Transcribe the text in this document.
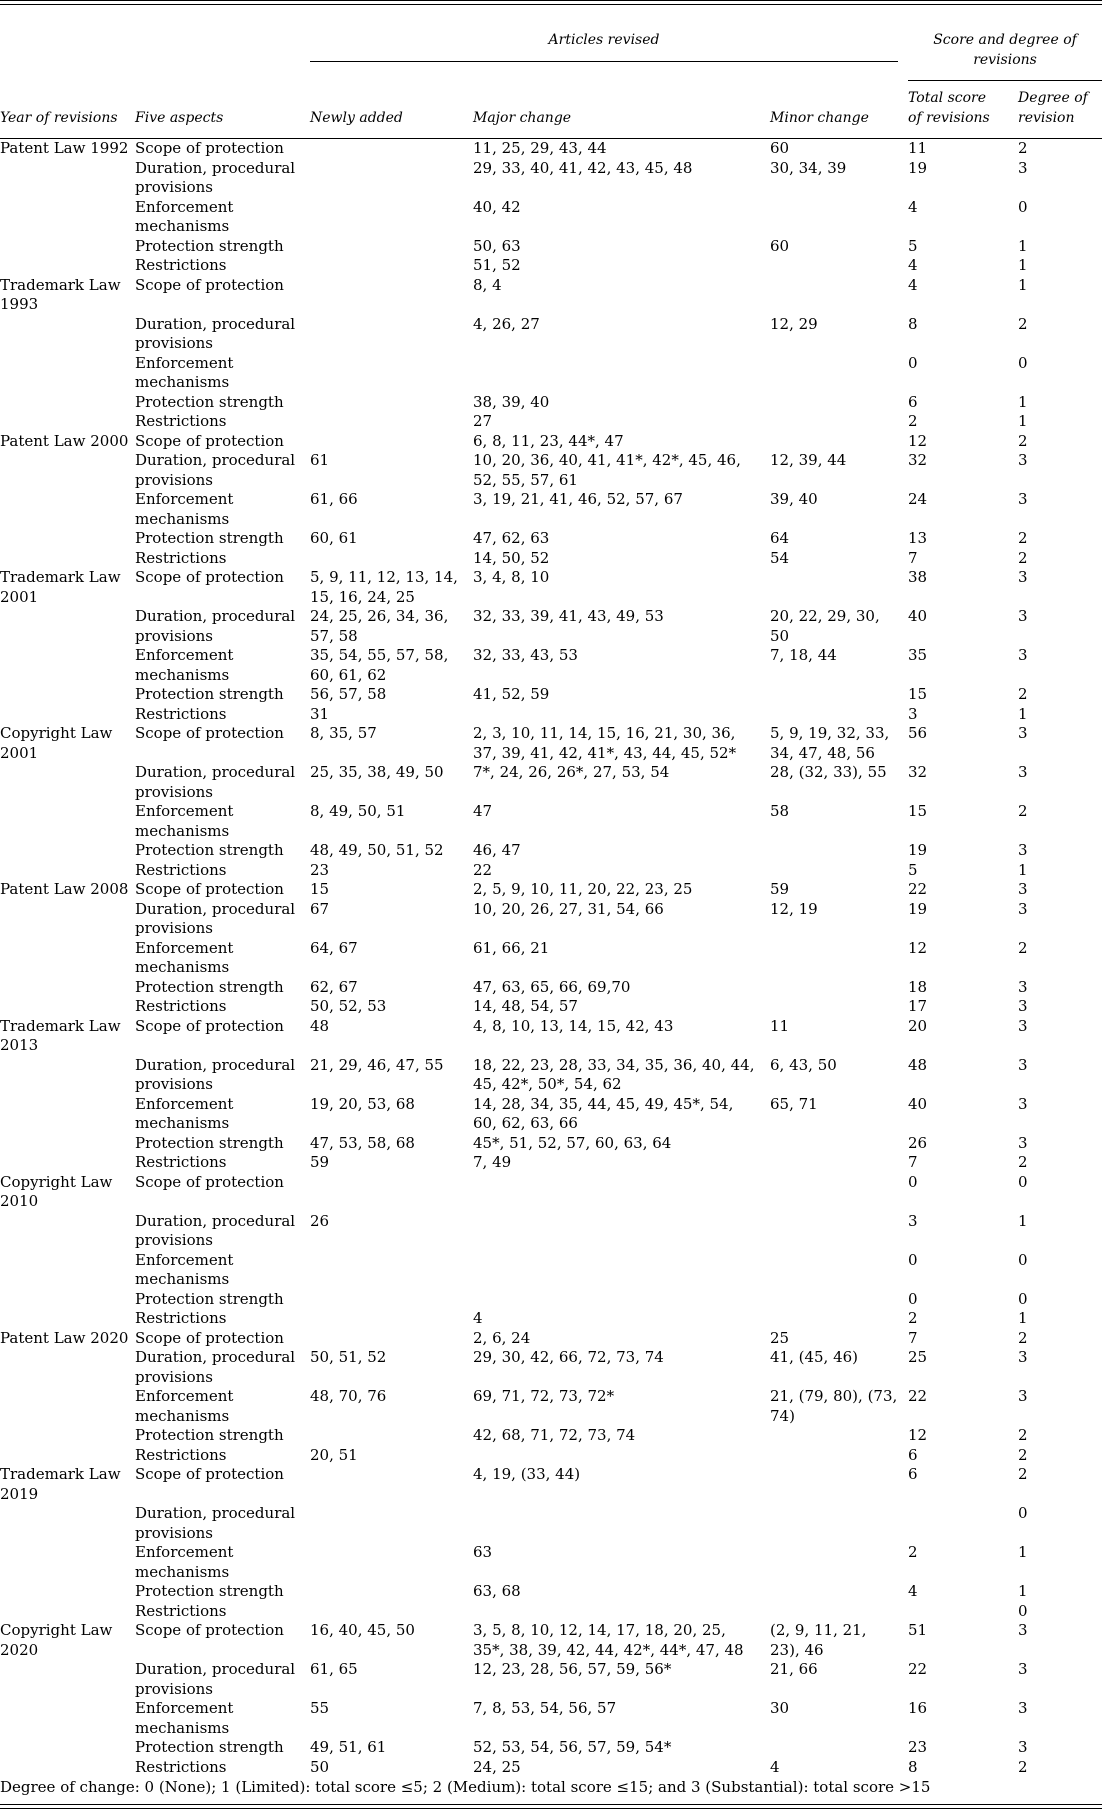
		Articles revised			Score and degree of revisions	

Year of revisions	Five aspects	Newly added	Major change	Minor change	Total score of revisions	Degree of revision
Patent Law 1992	Scope of protection		11, 25, 29, 43, 44	60	11	2
	Duration, procedural provisions		29, 33, 40, 41, 42, 43, 45, 48	30, 34, 39	19	3
	Enforcement mechanisms		40, 42		4	0
	Protection strength		50, 63	60	5	1
	Restrictions		51, 52		4	1
Trademark Law 1993	Scope of protection		8, 4		4	1
	Duration, procedural provisions		4, 26, 27	12, 29	8	2
	Enforcement mechanisms				0	0
	Protection strength		38, 39, 40		6	1
	Restrictions		27		2	1
Patent Law 2000	Scope of protection		6, 8, 11, 23, 44*, 47		12	2
	Duration, procedural provisions	61	10, 20, 36, 40, 41, 41*, 42*, 45, 46, 52, 55, 57, 61	12, 39, 44	32	3
	Enforcement mechanisms	61, 66	3, 19, 21, 41, 46, 52, 57, 67	39, 40	24	3
	Protection strength	60, 61	47, 62, 63	64	13	2
	Restrictions		14, 50, 52	54	7	2
Trademark Law 2001	Scope of protection	5, 9, 11, 12, 13, 14, 15, 16, 24, 25	3, 4, 8, 10		38	3
	Duration, procedural provisions	24, 25, 26, 34, 36, 57, 58	32, 33, 39, 41, 43, 49, 53	20, 22, 29, 30, 50	40	3
	Enforcement mechanisms	35, 54, 55, 57, 58, 60, 61, 62	32, 33, 43, 53	7, 18, 44	35	3
	Protection strength	56, 57, 58	41, 52, 59		15	2
	Restrictions	31			3	1
Copyright Law 2001	Scope of protection	8, 35, 57	2, 3, 10, 11, 14, 15, 16, 21, 30, 36, 37, 39, 41, 42, 41*, 43, 44, 45, 52*	5, 9, 19, 32, 33, 34, 47, 48, 56	56	3
	Duration, procedural provisions	25, 35, 38, 49, 50	7*, 24, 26, 26*, 27, 53, 54	28, (32, 33), 55	32	3
	Enforcement mechanisms	8, 49, 50, 51	47	58	15	2
	Protection strength	48, 49, 50, 51, 52	46, 47		19	3
	Restrictions	23	22		5	1
Patent Law 2008	Scope of protection	15	2, 5, 9, 10, 11, 20, 22, 23, 25	59	22	3
	Duration, procedural provisions	67	10, 20, 26, 27, 31, 54, 66	12, 19	19	3
	Enforcement mechanisms	64, 67	61, 66, 21		12	2
	Protection strength	62, 67	47, 63, 65, 66, 69,70		18	3
	Restrictions	50, 52, 53	14, 48, 54, 57		17	3
Trademark Law 2013	Scope of protection	48	4, 8, 10, 13, 14, 15, 42, 43	11	20	3
	Duration, procedural provisions	21, 29, 46, 47, 55	18, 22, 23, 28, 33, 34, 35, 36, 40, 44, 45, 42*, 50*, 54, 62	6, 43, 50	48	3
	Enforcement mechanisms	19, 20, 53, 68	14, 28, 34, 35, 44, 45, 49, 45*, 54, 60, 62, 63, 66	65, 71	40	3
	Protection strength	47, 53, 58, 68	45*, 51, 52, 57, 60, 63, 64		26	3
	Restrictions	59	7, 49		7	2
Copyright Law 2010	Scope of protection				0	0
	Duration, procedural provisions	26			3	1
	Enforcement mechanisms				0	0
	Protection strength				0	0
	Restrictions		4		2	1
Patent Law 2020	Scope of protection		2, 6, 24	25	7	2
	Duration, procedural provisions	50, 51, 52	29, 30, 42, 66, 72, 73, 74	41, (45, 46)	25	3
	Enforcement mechanisms	48, 70, 76	69, 71, 72, 73, 72*	21, (79, 80), (73, 74)	22	3
	Protection strength		42, 68, 71, 72, 73, 74		12	2
	Restrictions	20, 51			6	2
Trademark Law 2019	Scope of protection		4, 19, (33, 44)		6	2
	Duration, procedural provisions					0
	Enforcement mechanisms		63		2	1
	Protection strength		63, 68		4	1
	Restrictions					0
Copyright Law 2020	Scope of protection	16, 40, 45, 50	3, 5, 8, 10, 12, 14, 17, 18, 20, 25, 35*, 38, 39, 42, 44, 42*, 44*, 47, 48	(2, 9, 11, 21, 23), 46	51	3
	Duration, procedural provisions	61, 65	12, 23, 28, 56, 57, 59, 56*	21, 66	22	3
	Enforcement mechanisms	55	7, 8, 53, 54, 56, 57	30	16	3
	Protection strength	49, 51, 61	52, 53, 54, 56, 57, 59, 54*		23	3
	Restrictions	50	24, 25	4	8	2
Degree of change: 0 (None); 1 (Limited): total score ≤5; 2 (Medium): total score ≤15; and 3 (Substantial): total score >15						
